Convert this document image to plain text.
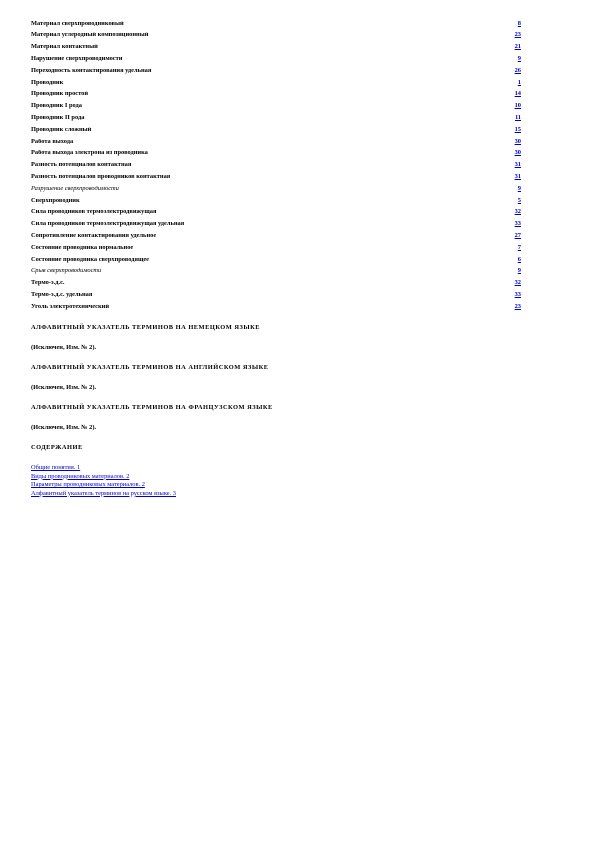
Материал сверхпроводниковый	8
Материал углеродный композиционный	23
Материал контактный	21
Нарушение сверхпроводимости	9
Переходность контактирования удельная	26
Проводник	1
Проводник простой	14
Проводник I рода	10
Проводник II рода	11
Проводник сложный	15
Работа выхода	30
Работа выхода электрона из проводника	30
Разность потенциалов контактная	31
Разность потенциалов проводников контактная	31
Разрушение сверхпроводимости	9
Сверхпроводник	5
Сила проводников термоэлектродвижущая	32
Сила проводников термоэлектродвижущая удельная	33
Сопротивление контактирования удельное	27
Состояние проводника нормальное	7
Состояние проводника сверхпроводящее	6
Срыв сверхпроводимости	9
Термо-э.д.с.	32
Термо-э.д.с. удельная	33
Уголь электротехнический	23
АЛФАВИТНЫЙ УКАЗАТЕЛЬ ТЕРМИНОВ НА НЕМЕЦКОМ ЯЗЫКЕ
(Исключен, Изм. № 2).
АЛФАВИТНЫЙ УКАЗАТЕЛЬ ТЕРМИНОВ НА АНГЛИЙСКОМ ЯЗЫКЕ
(Исключен, Изм. № 2).
АЛФАВИТНЫЙ УКАЗАТЕЛЬ ТЕРМИНОВ НА ФРАНЦУЗСКОМ ЯЗЫКЕ
(Исключен, Изм. № 2).
СОДЕРЖАНИЕ
Общие понятия. 1
Виды проводниковых материалов. 2
Параметры проводниковых материалов. 2
Алфавитный указатель терминов на русском языке. 3
